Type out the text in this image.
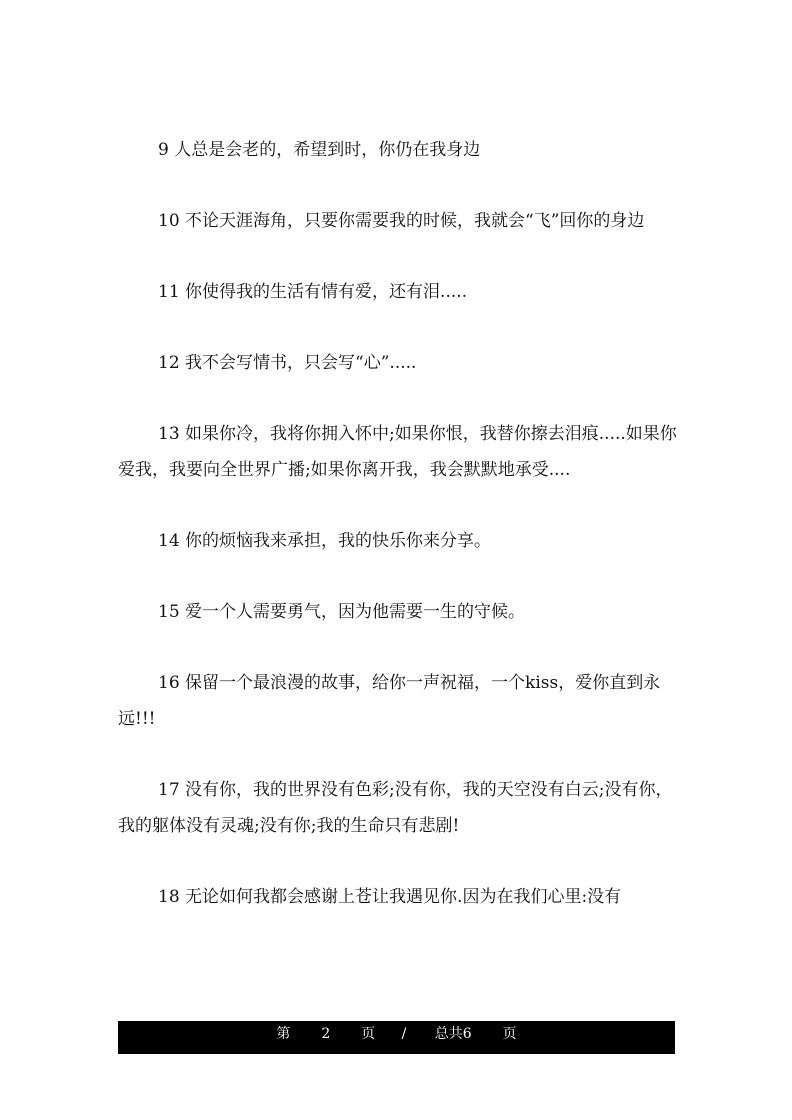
9 人总是会老的，希望到时，你仍在我身边

10 不论天涯海角，只要你需要我的时候，我就会“飞”回你的身边

11 你使得我的生活有情有爱，还有泪.....

12 我不会写情书，只会写“心”.....

13 如果你冷，我将你拥入怀中;如果你恨，我替你擦去泪痕.....如果你爱我，我要向全世界广播;如果你离开我，我会默默地承受....

14 你的烦恼我来承担，我的快乐你来分享。

15 爱一个人需要勇气，因为他需要一生的守候。

16 保留一个最浪漫的故事，给你一声祝福，一个kiss，爱你直到永远!!!

17 没有你，我的世界没有色彩;没有你，我的天空没有白云;没有你，我的躯体没有灵魂;没有你;我的生命只有悲剧!

18 无论如何我都会感谢上苍让我遇见你.因为在我们心里:没有

第 2 页 / 总共6 页
